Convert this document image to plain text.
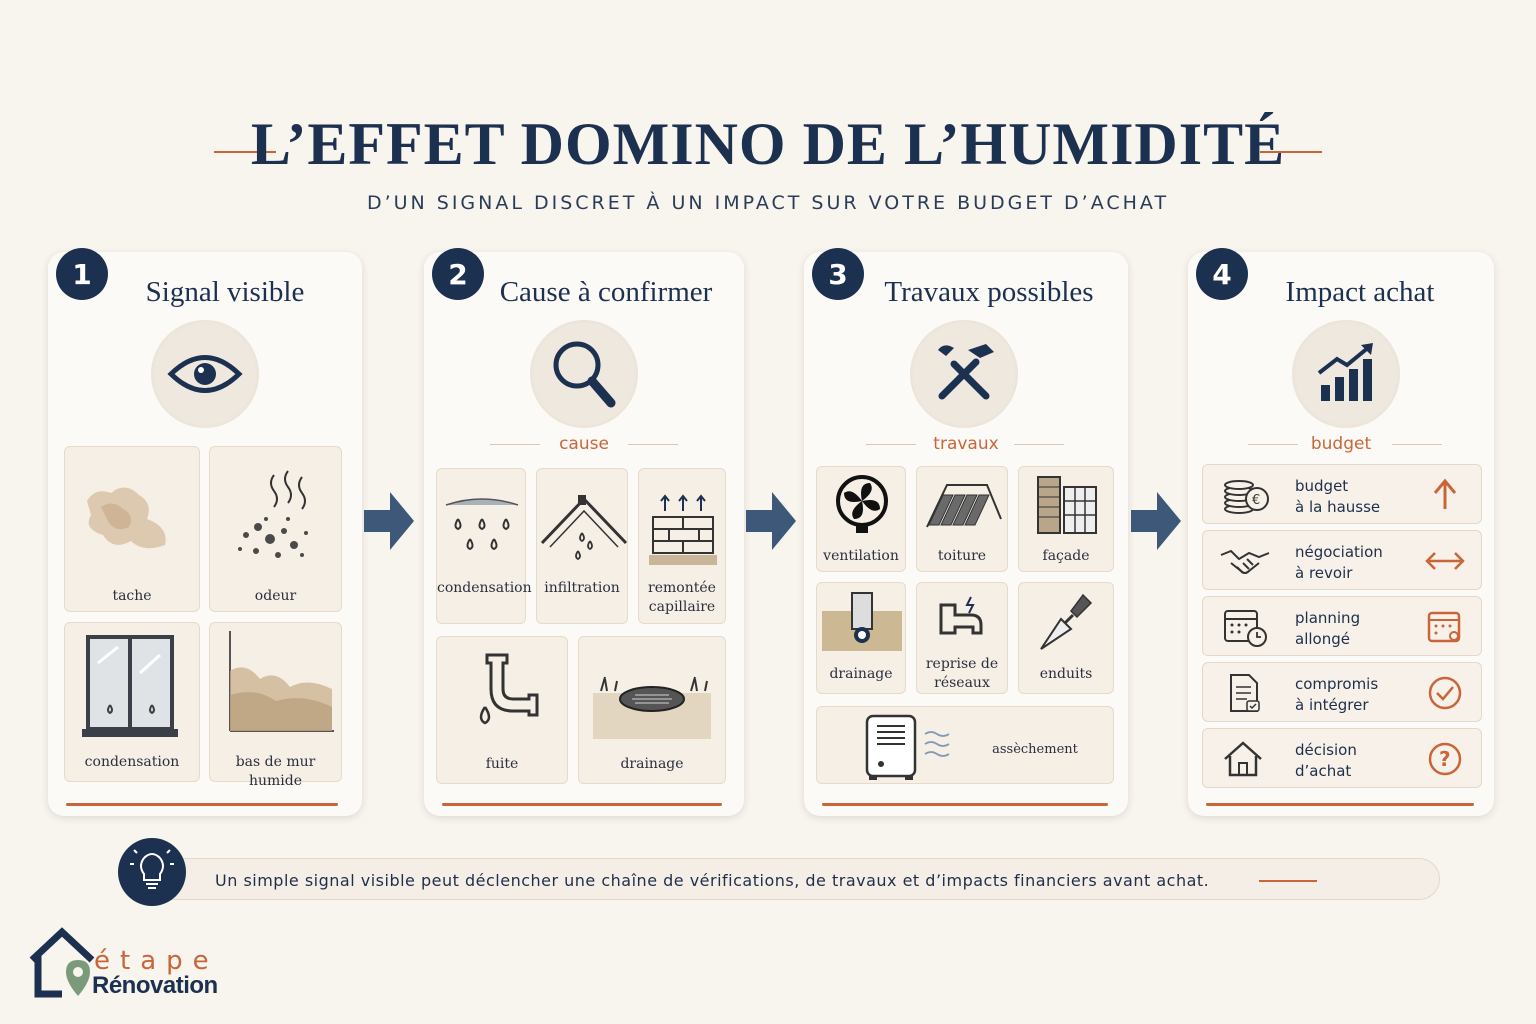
L’EFFET DOMINO DE L’HUMIDITÉ
D’UN SIGNAL DISCRET À UN IMPACT SUR VOTRE BUDGET D’ACHAT
1
Signal visible
tache	odeur
condensation	bas de mur humide
2
Cause à confirmer
cause
condensation infiltration	remontée capillaire
fuite	drainage
3
Travaux possibles
travaux
ventilation	toiture	façade
drainage
reprise de réseaux
enduits
assèchement
4
Impact achat
budget
€
budget
à la hausse
négociation
à revoir
planning
allongé
compromis
à intégrer
décision
d’achat	?
Un simple signal visible peut déclencher une chaîne de vérifications, de travaux et d’impacts financiers avant achat.
étape
Rénovation
